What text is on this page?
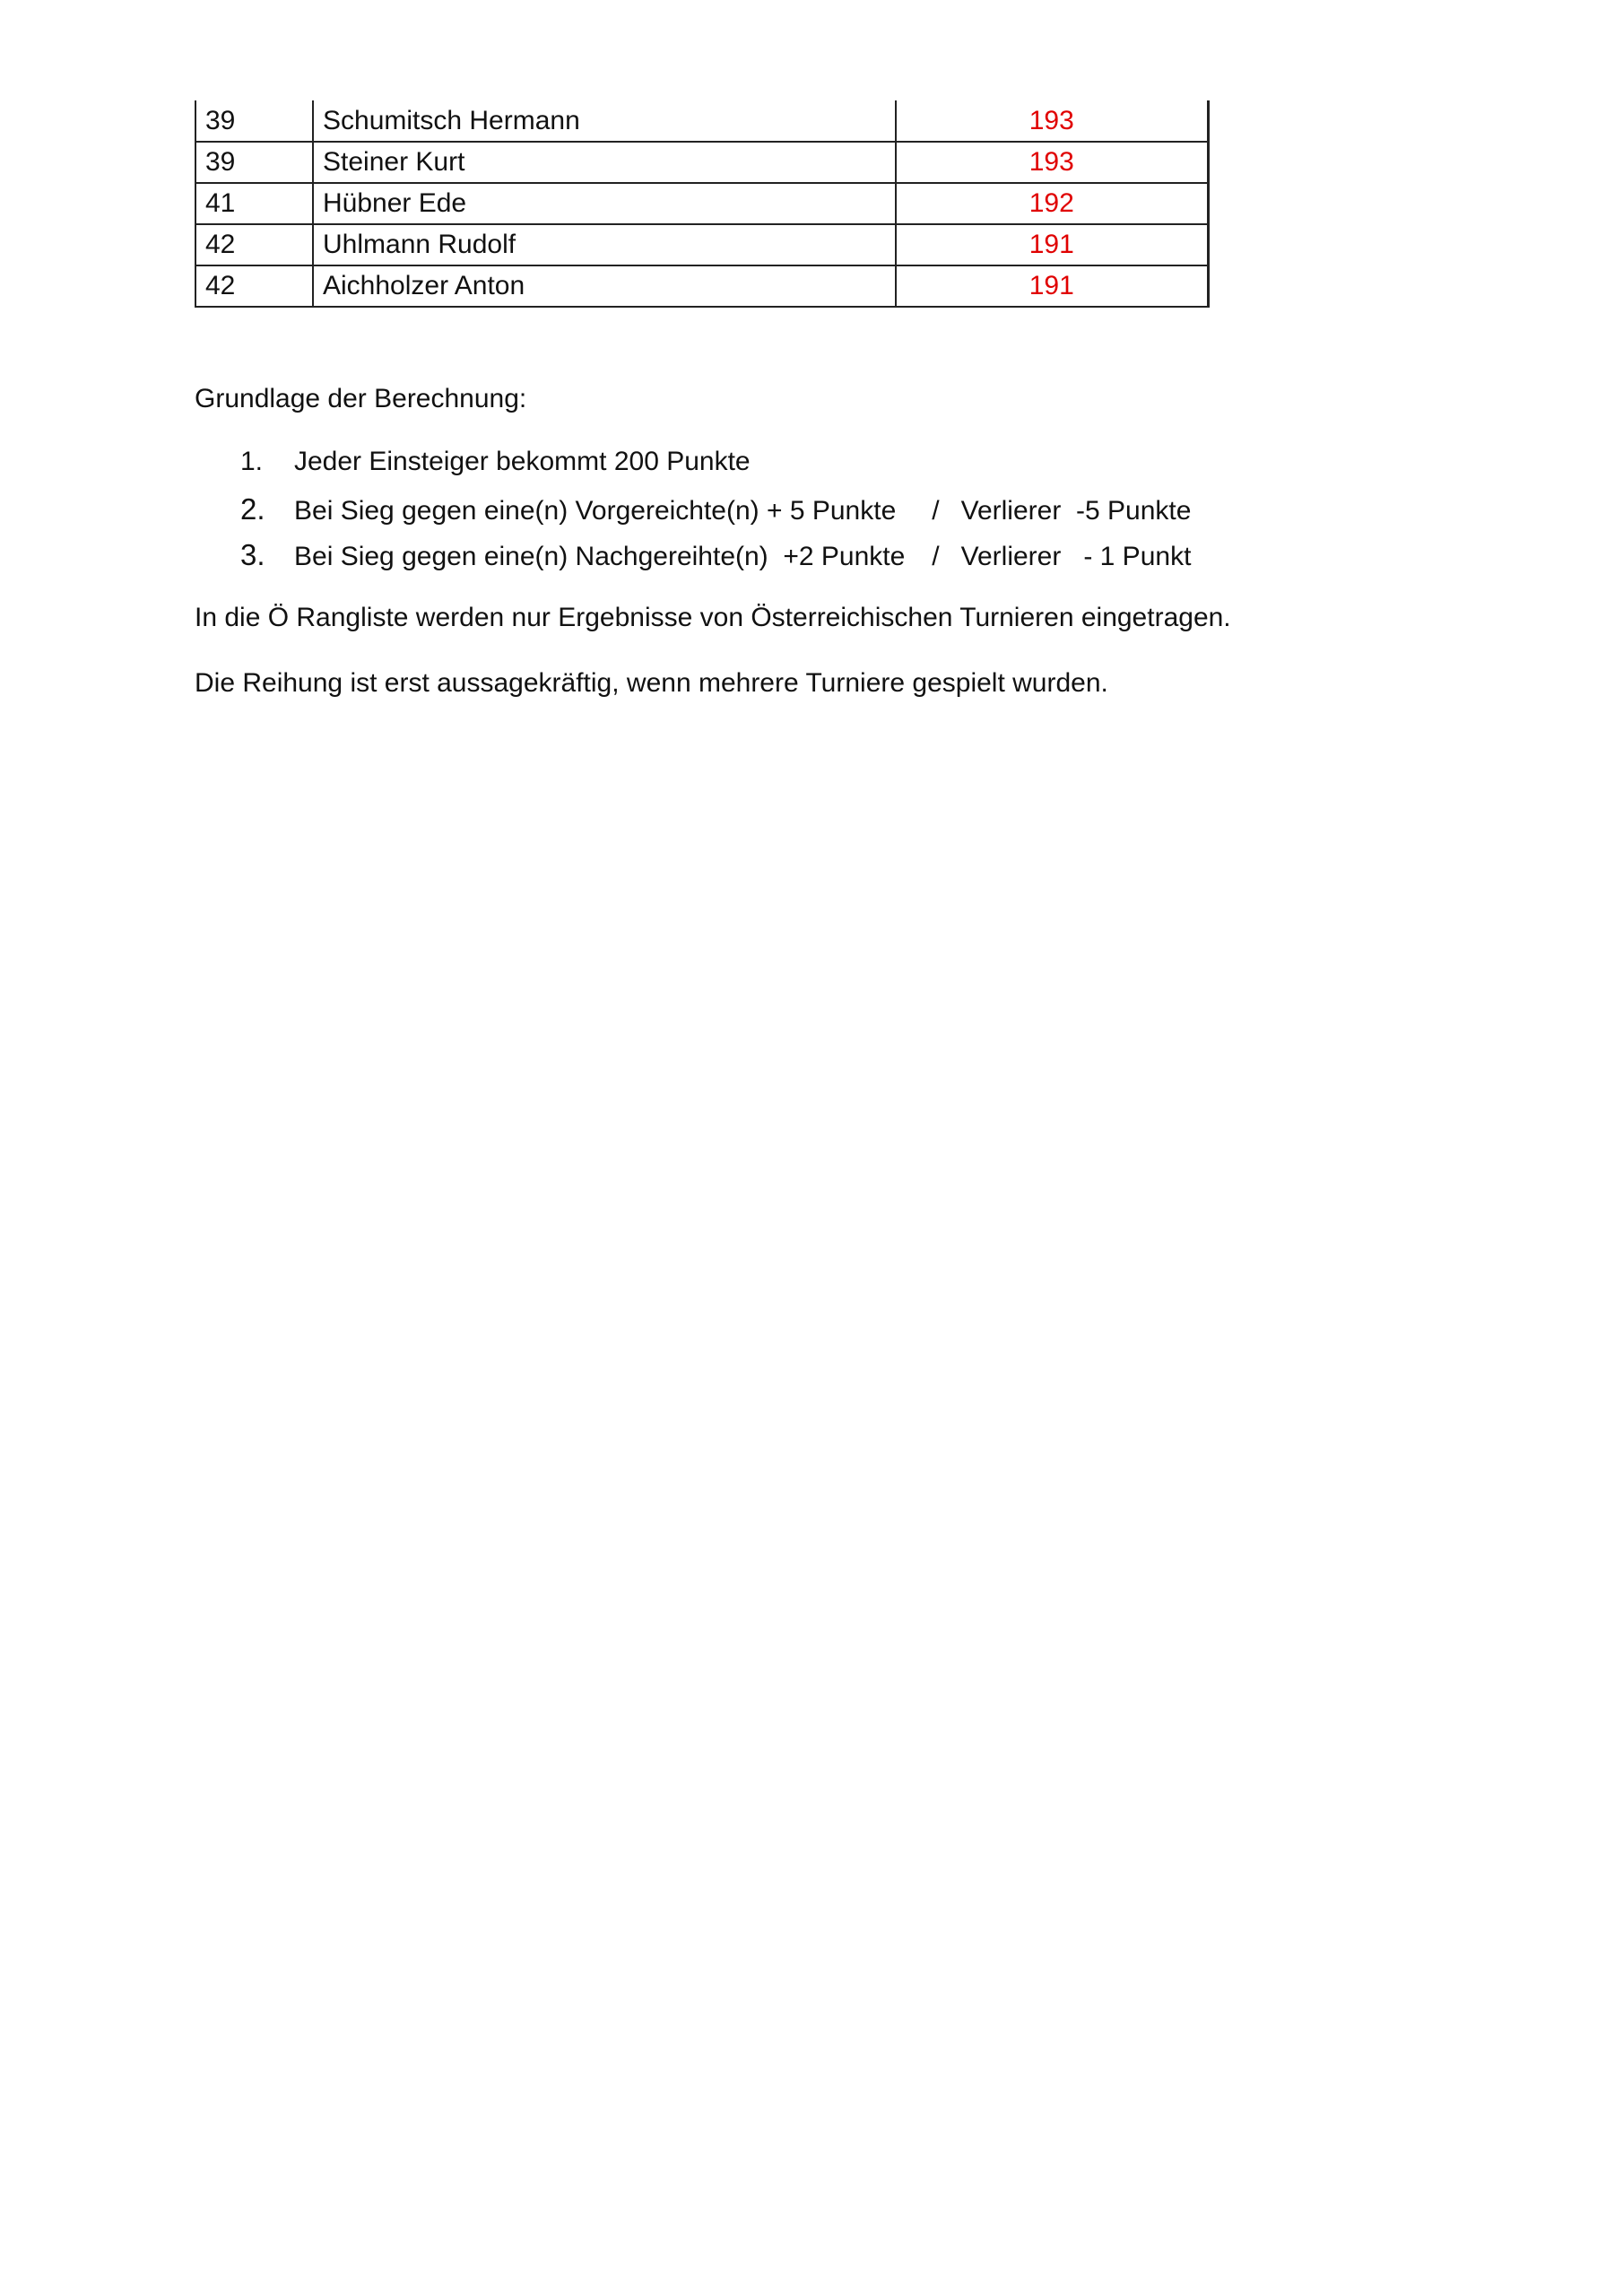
39	Schumitsch Hermann	193
39	Steiner Kurt	193
41	Hübner Ede	192
42	Uhlmann Rudolf	191
42	Aichholzer Anton	191

Grundlage der Berechnung:

1.	Jeder Einsteiger bekommt 200 Punkte
2.	Bei Sieg gegen eine(n) Vorgereichte(n) + 5 Punkte / Verlierer  -5 Punkte
3.	Bei Sieg gegen eine(n) Nachgereihte(n)  +2 Punkte / Verlierer   - 1 Punkt

In die Ö Rangliste werden nur Ergebnisse von Österreichischen Turnieren eingetragen.

Die Reihung ist erst aussagekräftig, wenn mehrere Turniere gespielt wurden.
